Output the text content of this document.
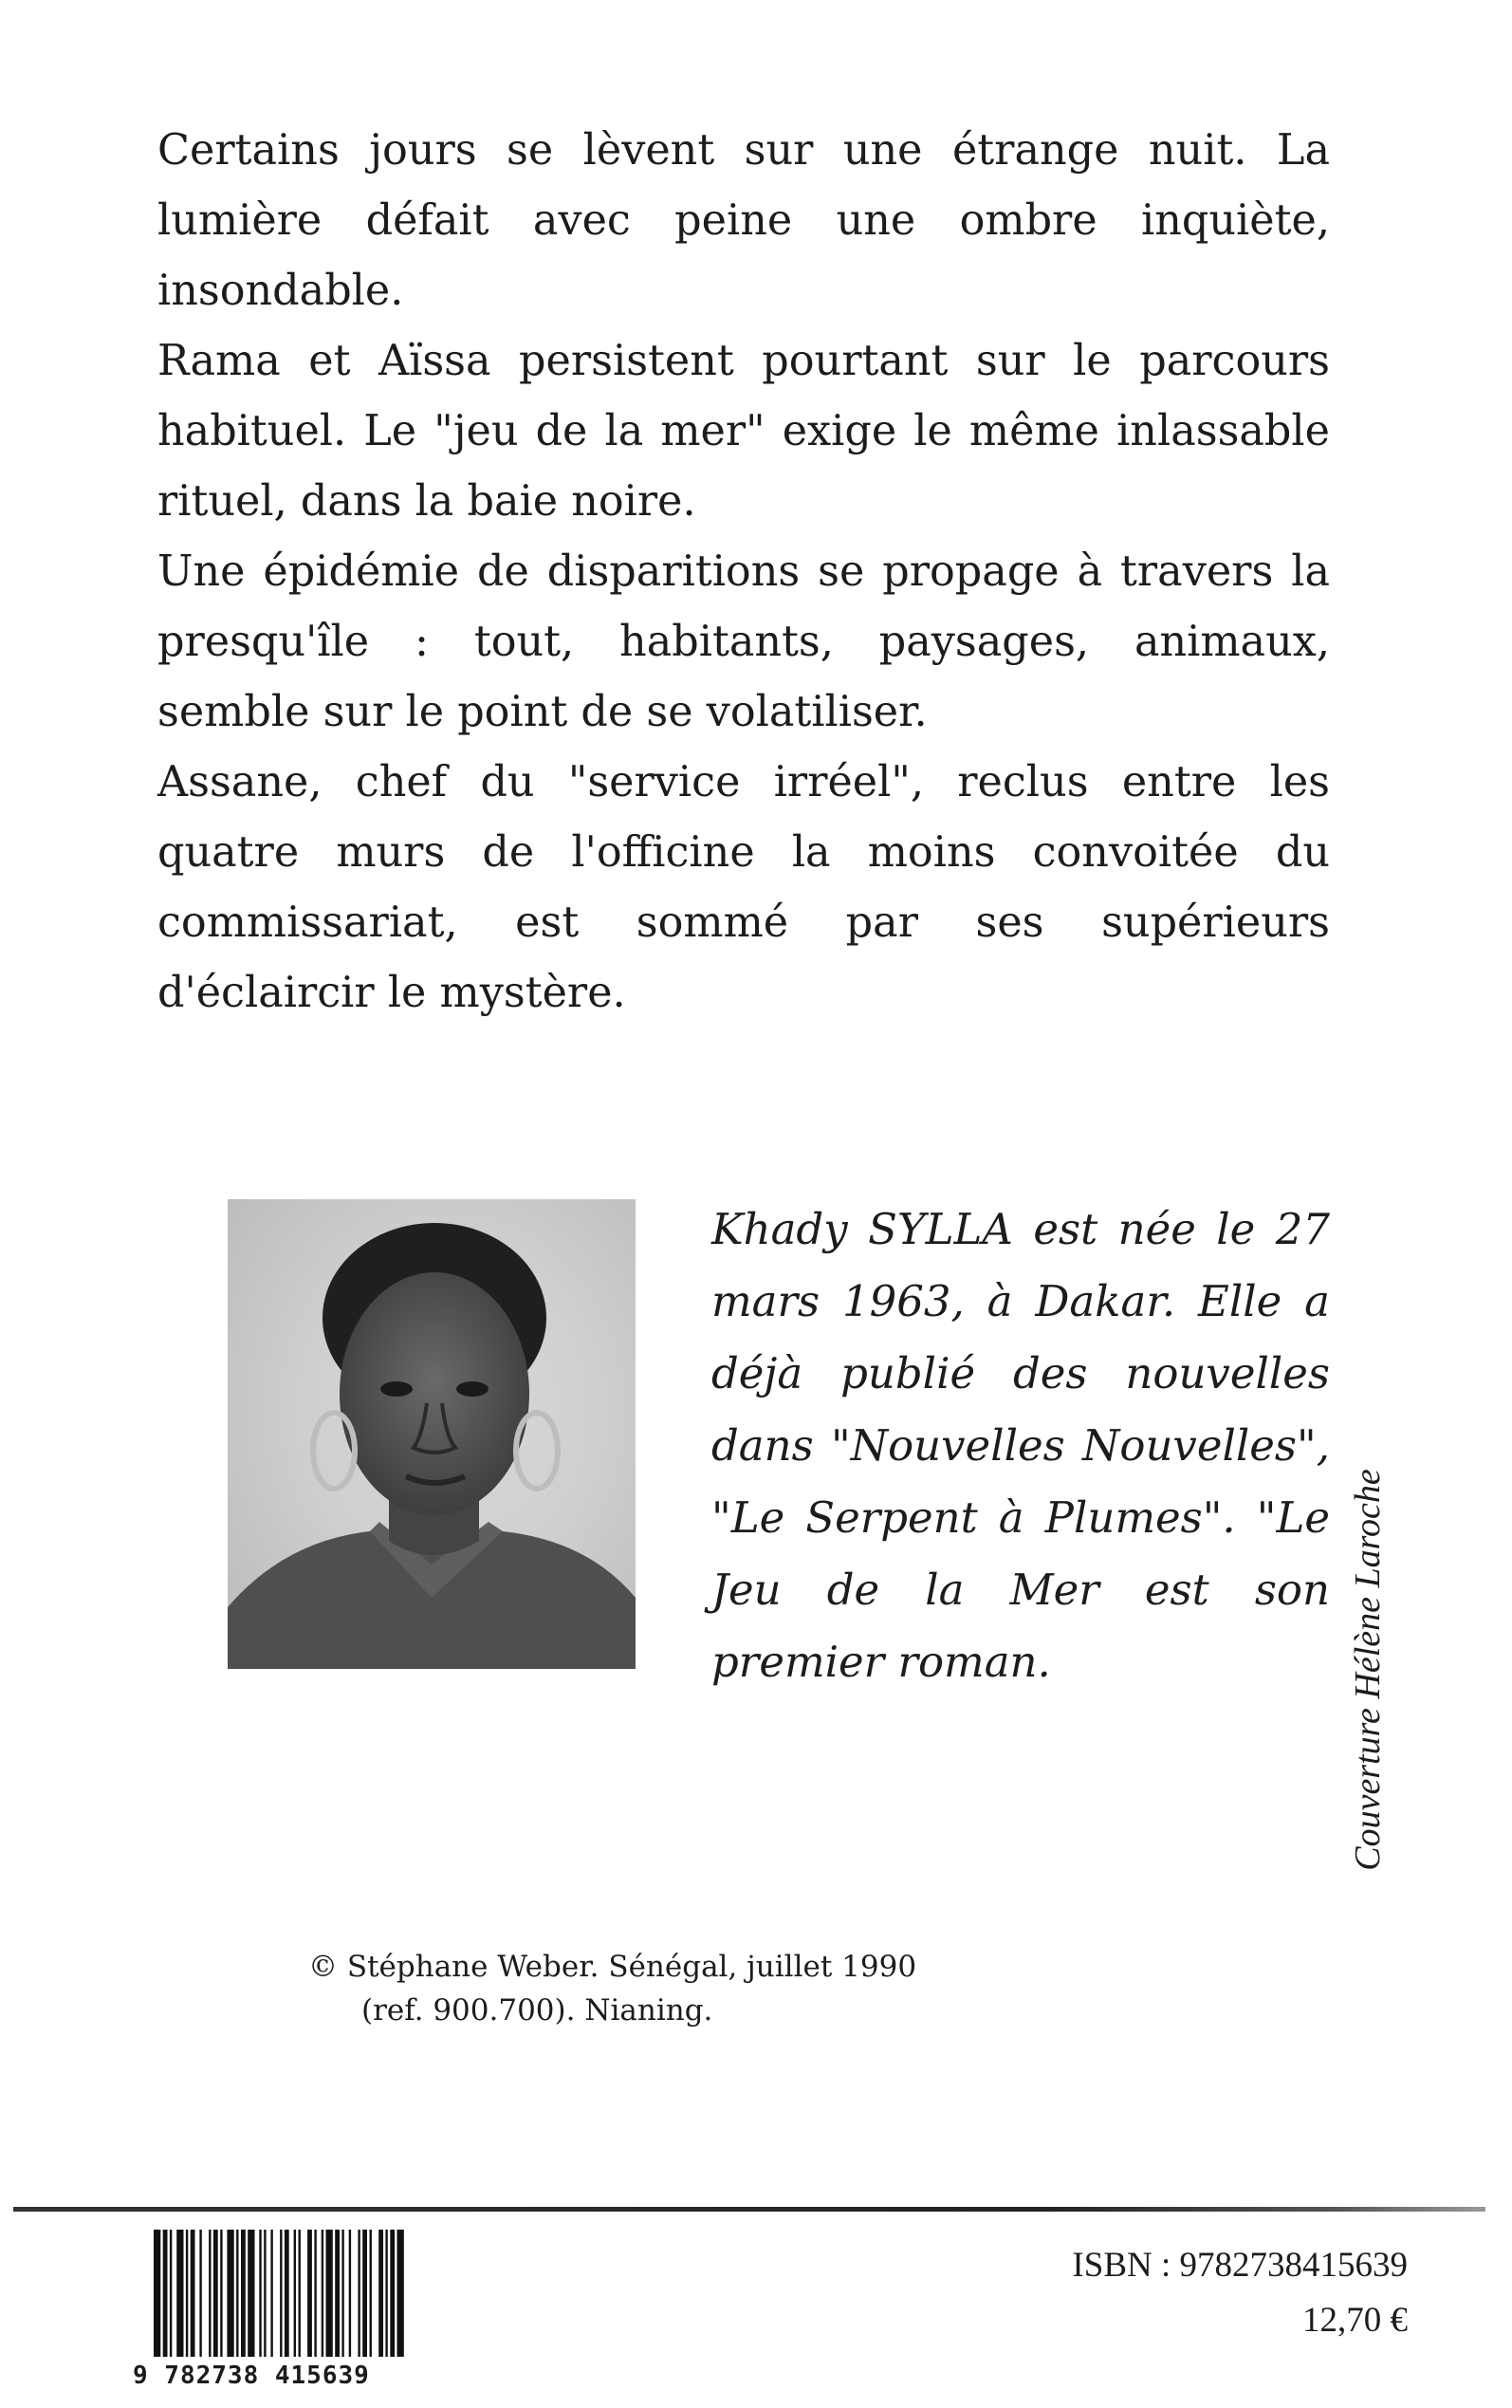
Certains jours se lèvent sur une étrange nuit. La lumière défait avec peine une ombre inquiète, insondable.

Rama et Aïssa persistent pourtant sur le parcours habituel. Le "jeu de la mer" exige le même inlassable rituel, dans la baie noire.

Une épidémie de disparitions se propage à travers la presqu'île : tout, habitants, paysages, animaux, semble sur le point de se volatiliser.

Assane, chef du "service irréel", reclus entre les quatre murs de l'officine la moins convoitée du commissariat, est sommé par ses supérieurs d'éclaircir le mystère.

Khady SYLLA est née le 27 mars 1963, à Dakar. Elle a déjà publié des nouvelles dans "Nouvelles Nouvelles", "Le Serpent à Plumes". "Le Jeu de la Mer est son premier roman.

© Stéphane Weber. Sénégal, juillet 1990
(ref. 900.700). Nianing.
Couverture Hélène Laroche
9 782738 415639
ISBN : 9782738415639
12,70 €
